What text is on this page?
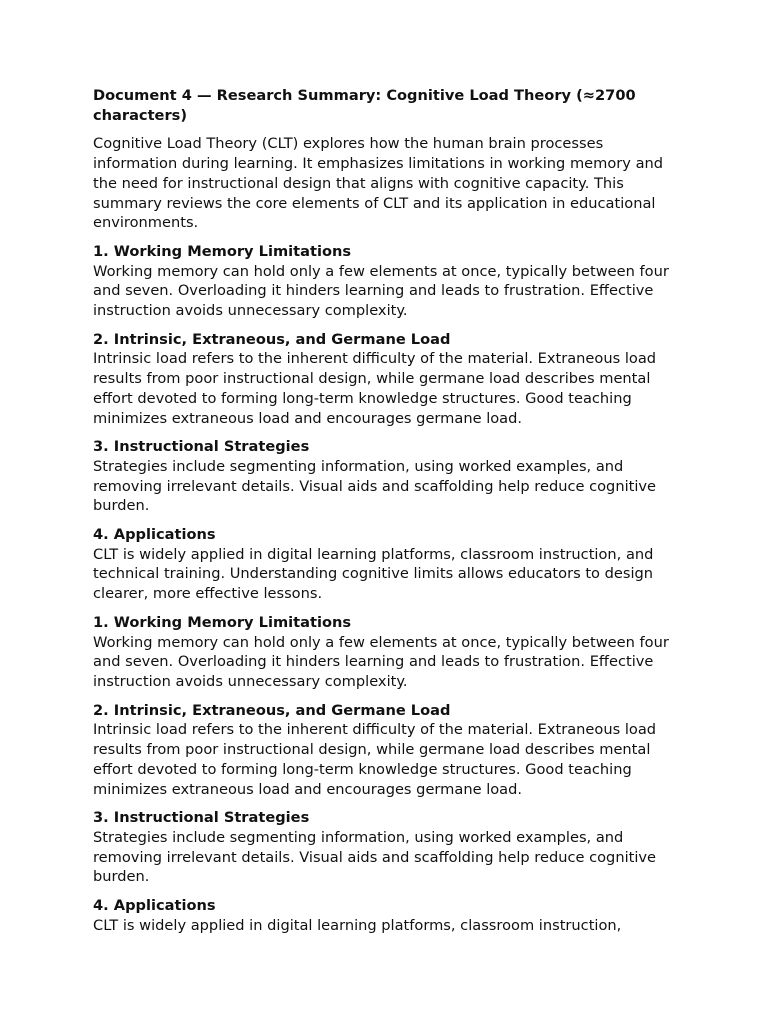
Document 4 — Research Summary: Cognitive Load Theory (≈2700 characters)
Cognitive Load Theory (CLT) explores how the human brain processes information during learning. It emphasizes limitations in working memory and the need for instructional design that aligns with cognitive capacity. This summary reviews the core elements of CLT and its application in educational environments.
1. Working Memory Limitations
Working memory can hold only a few elements at once, typically between four and seven. Overloading it hinders learning and leads to frustration. Effective instruction avoids unnecessary complexity.
2. Intrinsic, Extraneous, and Germane Load
Intrinsic load refers to the inherent difficulty of the material. Extraneous load results from poor instructional design, while germane load describes mental effort devoted to forming long-term knowledge structures. Good teaching minimizes extraneous load and encourages germane load.
3. Instructional Strategies
Strategies include segmenting information, using worked examples, and removing irrelevant details. Visual aids and scaffolding help reduce cognitive burden.
4. Applications
CLT is widely applied in digital learning platforms, classroom instruction, and technical training. Understanding cognitive limits allows educators to design clearer, more effective lessons.
1. Working Memory Limitations
Working memory can hold only a few elements at once, typically between four and seven. Overloading it hinders learning and leads to frustration. Effective instruction avoids unnecessary complexity.
2. Intrinsic, Extraneous, and Germane Load
Intrinsic load refers to the inherent difficulty of the material. Extraneous load results from poor instructional design, while germane load describes mental effort devoted to forming long-term knowledge structures. Good teaching minimizes extraneous load and encourages germane load.
3. Instructional Strategies
Strategies include segmenting information, using worked examples, and removing irrelevant details. Visual aids and scaffolding help reduce cognitive burden.
4. Applications
CLT is widely applied in digital learning platforms, classroom instruction,
